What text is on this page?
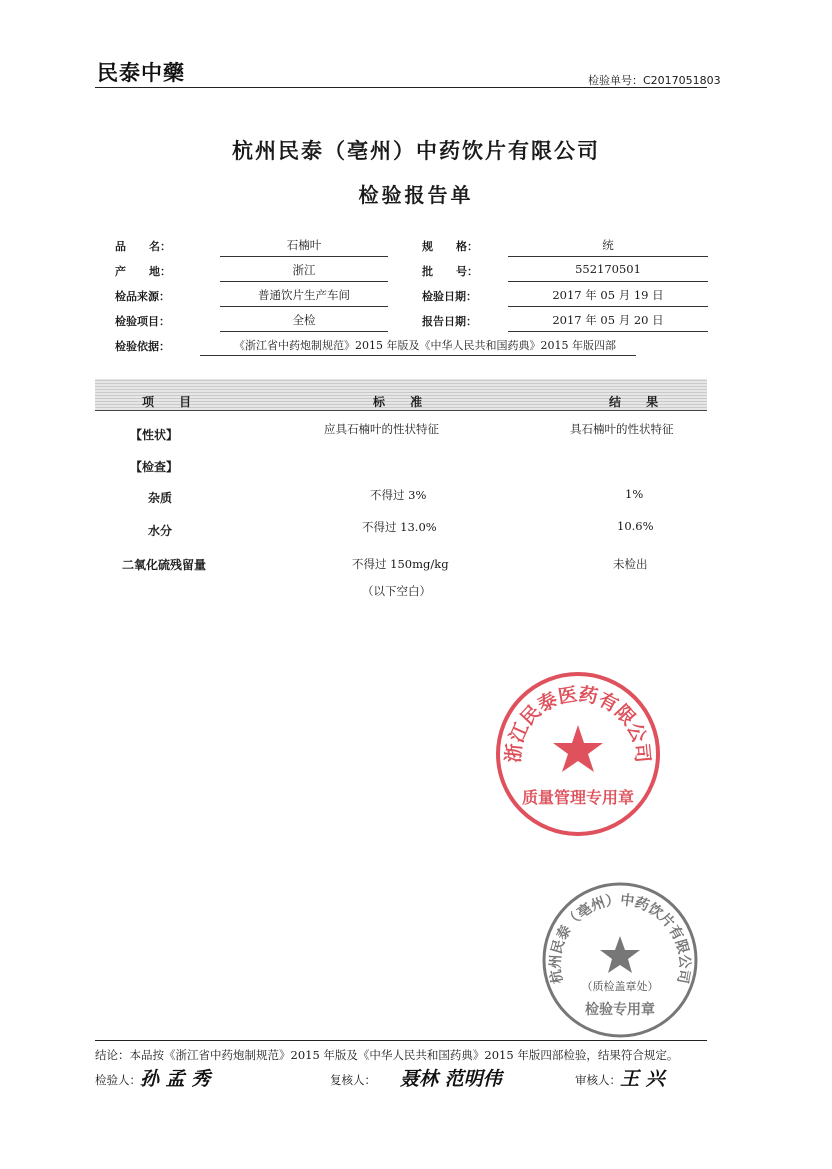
民泰中藥	检验单号：C2017051803
杭州民泰（亳州）中药饮片有限公司
检验报告单
品      名：	石楠叶	规      格：	统
产      地：	浙江	批      号：	552170501
检品来源：	普通饮片生产车间	检验日期：	2017 年 05 月 19 日
检验项目：	全检	报告日期：	2017 年 05 月 20 日
检验依据：	《浙江省中药炮制规范》2015 年版及《中华人民共和国药典》2015 年版四部
项      目	标      准	结      果
【性状】	应具石楠叶的性状特征	具石楠叶的性状特征
【检查】
杂质	不得过 3%	1%
水分	不得过 13.0%	10.6%
二氧化硫残留量	不得过 150mg/kg	未检出
（以下空白）
浙江民泰医药有限公司
质量管理专用章
杭州民泰（亳州）中药饮片有限公司
（质检盖章处）
检验专用章
结论：本品按《浙江省中药炮制规范》2015 年版及《中华人民共和国药典》2015 年版四部检验，结果符合规定。
检验人： 孙 孟 秀	复核人： 聂林 范明伟	审核人： 王 兴
